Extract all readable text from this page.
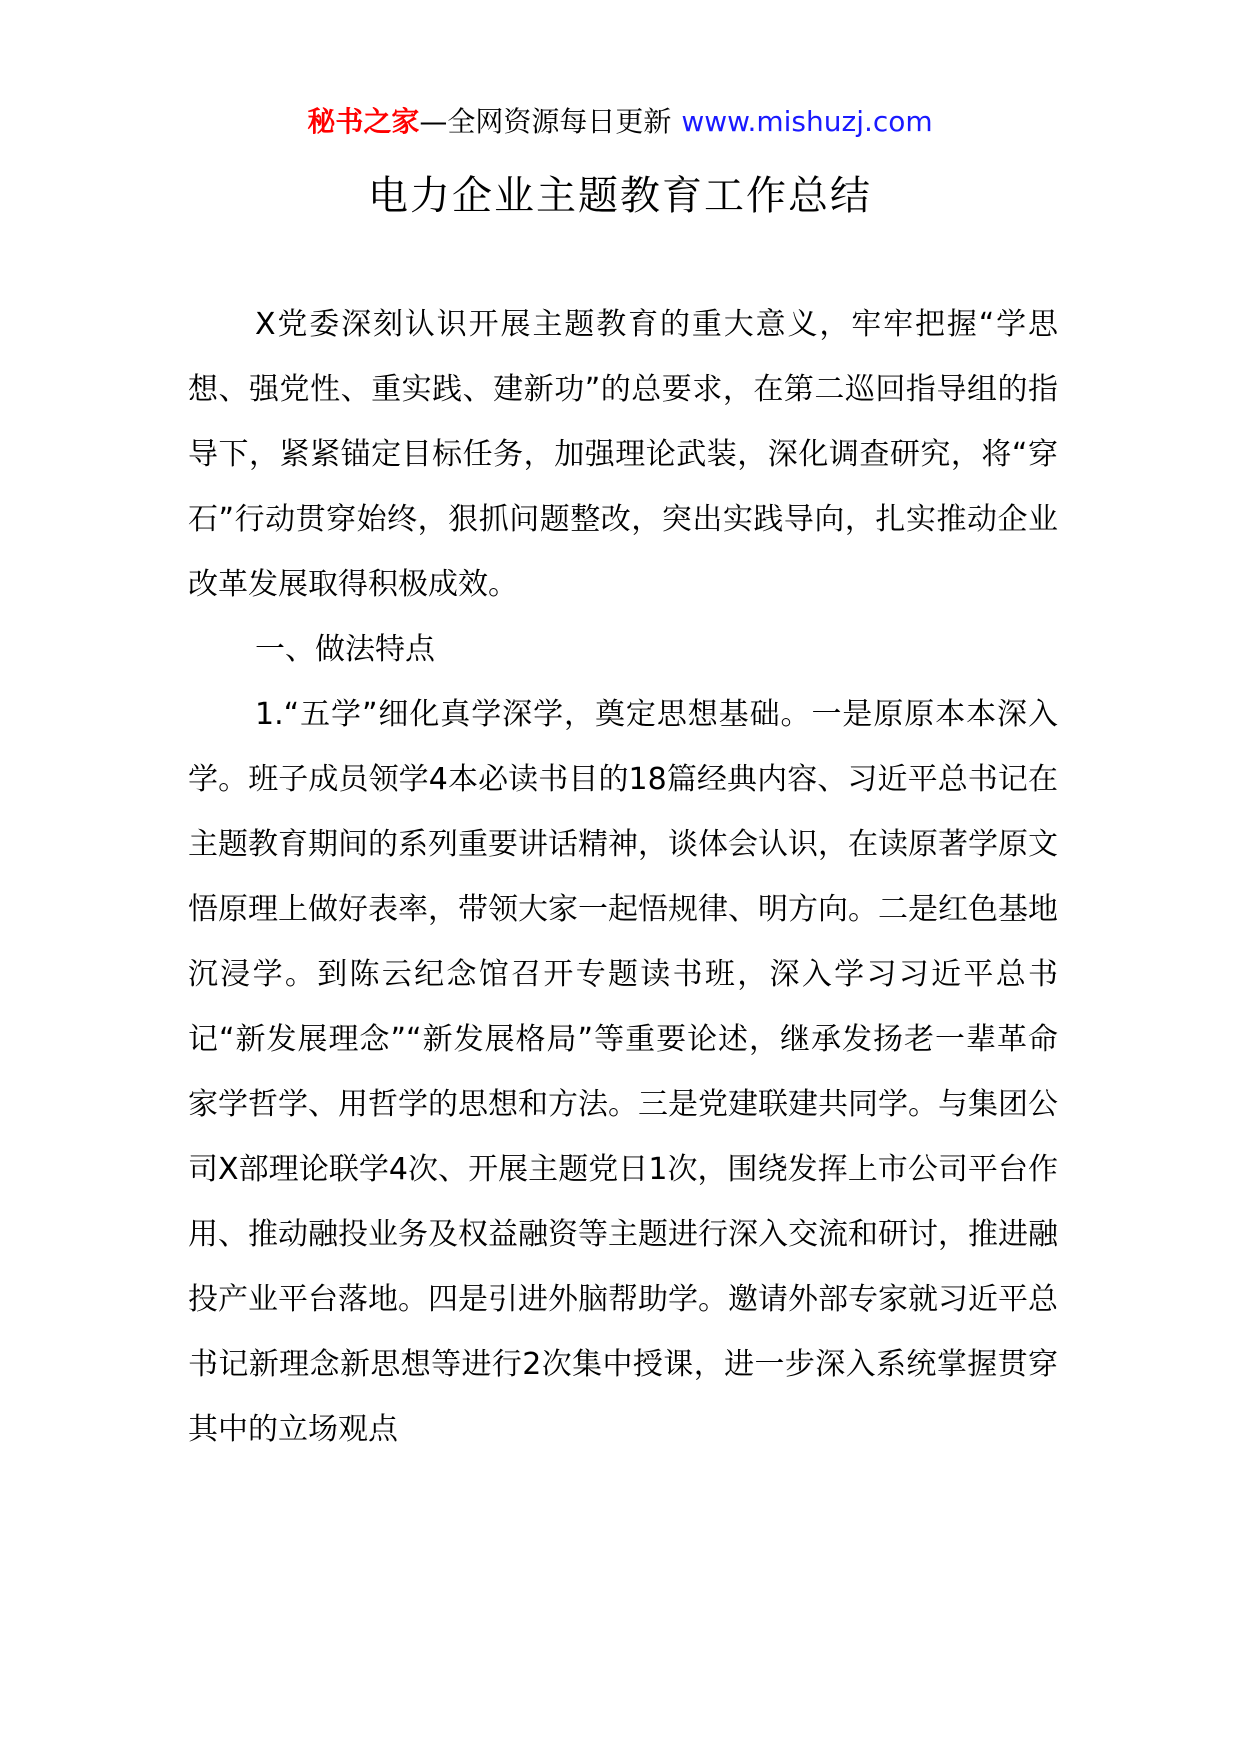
秘书之家—全网资源每日更新 www.mishuzj.com
电力企业主题教育工作总结

X党委深刻认识开展主题教育的重大意义，牢牢把握“学思想、强党性、重实践、建新功”的总要求，在第二巡回指导组的指导下，紧紧锚定目标任务，加强理论武装，深化调查研究，将“穿石”行动贯穿始终，狠抓问题整改，突出实践导向，扎实推动企业改革发展取得积极成效。

一、做法特点

1.“五学”细化真学深学，奠定思想基础。一是原原本本深入学。班子成员领学4本必读书目的18篇经典内容、习近平总书记在主题教育期间的系列重要讲话精神，谈体会认识，在读原著学原文悟原理上做好表率，带领大家一起悟规律、明方向。二是红色基地沉浸学。到陈云纪念馆召开专题读书班，深入学习习近平总书记“新发展理念”“新发展格局”等重要论述，继承发扬老一辈革命家学哲学、用哲学的思想和方法。三是党建联建共同学。与集团公司X部理论联学4次、开展主题党日1次，围绕发挥上市公司平台作用、推动融投业务及权益融资等主题进行深入交流和研讨，推进融投产业平台落地。四是引进外脑帮助学。邀请外部专家就习近平总书记新理念新思想等进行2次集中授课，进一步深入系统掌握贯穿其中的立场观点
